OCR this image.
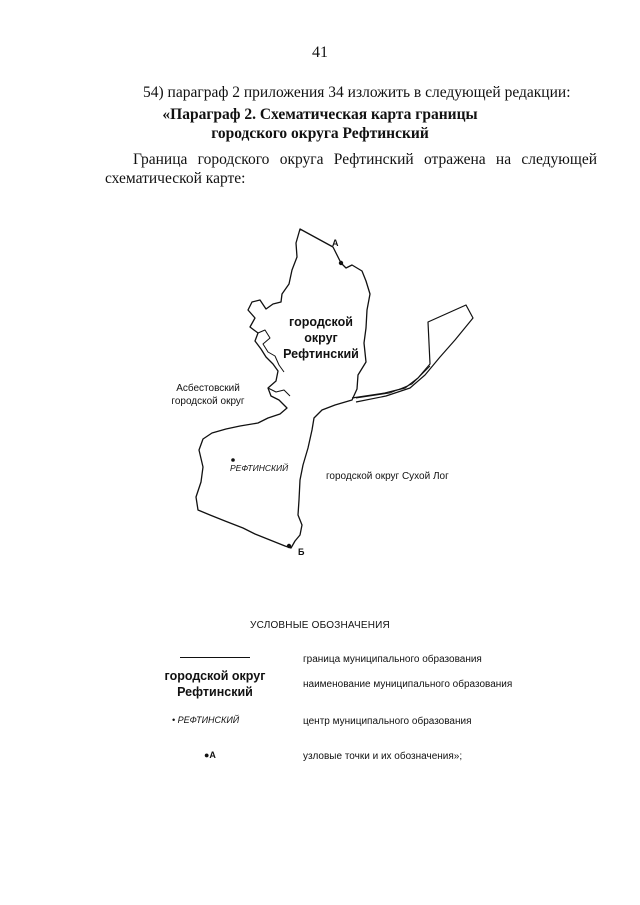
41
54) параграф 2 приложения 34 изложить в следующей редакции:
«Параграф 2. Схематическая карта границы
городского округа Рефтинский
Граница городского округа Рефтинский отражена на следующей схематической карте:
городской
округ
Рефтинский
Асбестовский
городской округ
РЕФТИНСКИЙ
городской округ Сухой Лог
А
Б
УСЛОВНЫЕ ОБОЗНАЧЕНИЯ
граница муниципального образования
городской округ
Рефтинский
наименование муниципального образования
• РЕФТИНСКИЙ	центр муниципального образования
●А	узловые точки и их обозначения»;
